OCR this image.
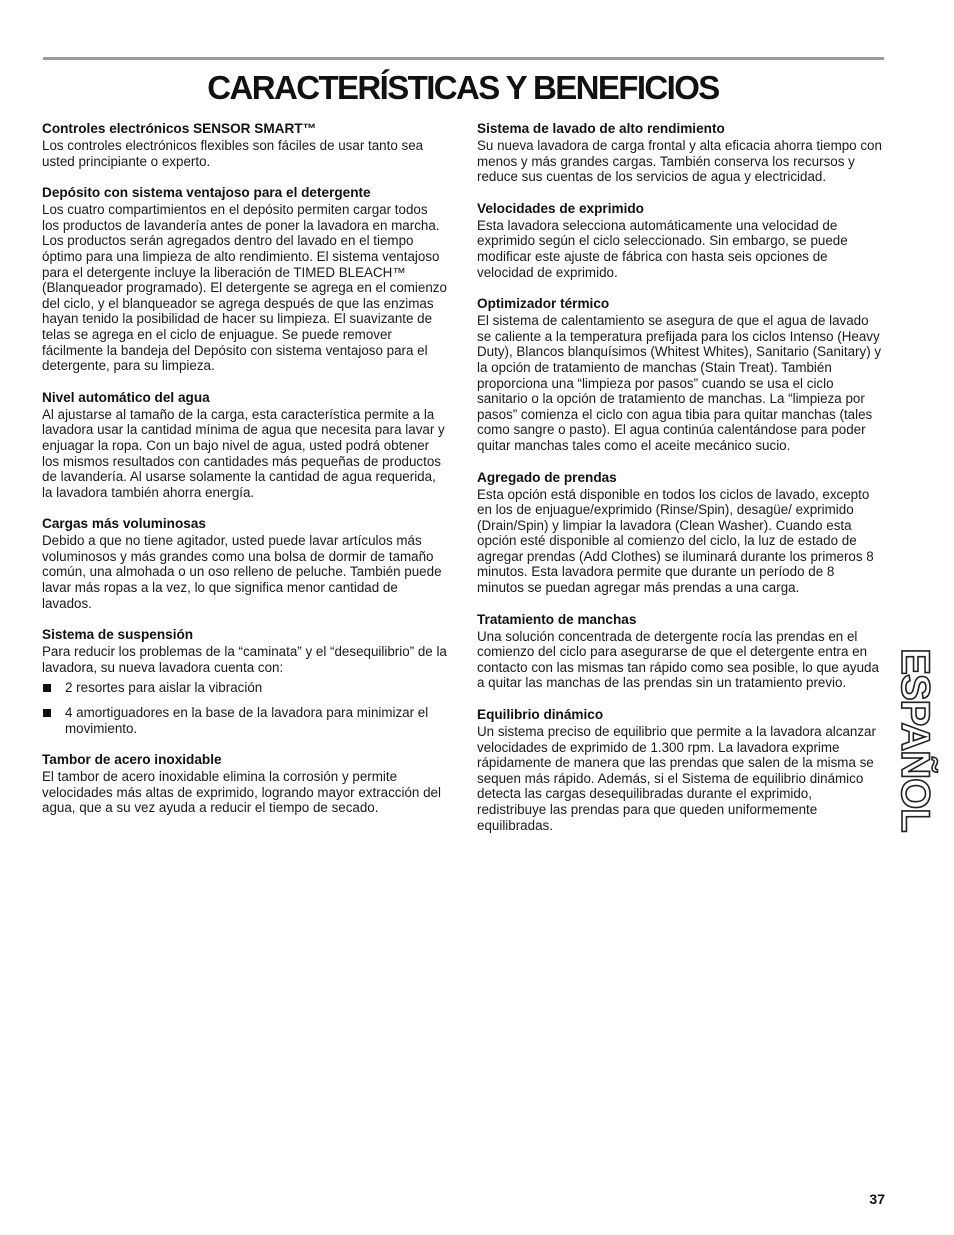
CARACTERÍSTICAS Y BENEFICIOS

Controles electrónicos SENSOR SMART™

Los controles electrónicos flexibles son fáciles de usar tanto sea usted principiante o experto.

Depósito con sistema ventajoso para el detergente

Los cuatro compartimientos en el depósito permiten cargar todos los productos de lavandería antes de poner la lavadora en marcha. Los productos serán agregados dentro del lavado en el tiempo óptimo para una limpieza de alto rendimiento. El sistema ventajoso para el detergente incluye la liberación de TIMED BLEACH™ (Blanqueador programado). El detergente se agrega en el comienzo del ciclo, y el blanqueador se agrega después de que las enzimas hayan tenido la posibilidad de hacer su limpieza. El suavizante de telas se agrega en el ciclo de enjuague. Se puede remover fácilmente la bandeja del Depósito con sistema ventajoso para el detergente, para su limpieza.

Nivel automático del agua

Al ajustarse al tamaño de la carga, esta característica permite a la lavadora usar la cantidad mínima de agua que necesita para lavar y enjuagar la ropa. Con un bajo nivel de agua, usted podrá obtener los mismos resultados con cantidades más pequeñas de productos de lavandería. Al usarse solamente la cantidad de agua requerida, la lavadora también ahorra energía.

Cargas más voluminosas

Debido a que no tiene agitador, usted puede lavar artículos más voluminosos y más grandes como una bolsa de dormir de tamaño común, una almohada o un oso relleno de peluche. También puede lavar más ropas a la vez, lo que significa menor cantidad de lavados.

Sistema de suspensión

Para reducir los problemas de la “caminata” y el “desequilibrio” de la lavadora, su nueva lavadora cuenta con:

2 resortes para aislar la vibración
4 amortiguadores en la base de la lavadora para minimizar el movimiento.

Tambor de acero inoxidable

El tambor de acero inoxidable elimina la corrosión y permite velocidades más altas de exprimido, logrando mayor extracción del agua, que a su vez ayuda a reducir el tiempo de secado.

Sistema de lavado de alto rendimiento

Su nueva lavadora de carga frontal y alta eficacia ahorra tiempo con menos y más grandes cargas. También conserva los recursos y reduce sus cuentas de los servicios de agua y electricidad.

Velocidades de exprimido

Esta lavadora selecciona automáticamente una velocidad de exprimido según el ciclo seleccionado. Sin embargo, se puede modificar este ajuste de fábrica con hasta seis opciones de velocidad de exprimido.

Optimizador térmico

El sistema de calentamiento se asegura de que el agua de lavado se caliente a la temperatura prefijada para los ciclos Intenso (Heavy Duty), Blancos blanquísimos (Whitest Whites), Sanitario (Sanitary) y la opción de tratamiento de manchas (Stain Treat). También proporciona una “limpieza por pasos” cuando se usa el ciclo sanitario o la opción de tratamiento de manchas. La “limpieza por pasos” comienza el ciclo con agua tibia para quitar manchas (tales como sangre o pasto). El agua continúa calentándose para poder quitar manchas tales como el aceite mecánico sucio.

Agregado de prendas

Esta opción está disponible en todos los ciclos de lavado, excepto en los de enjuague/exprimido (Rinse/Spin), desagüe/ exprimido (Drain/Spin) y limpiar la lavadora (Clean Washer). Cuando esta opción esté disponible al comienzo del ciclo, la luz de estado de agregar prendas (Add Clothes) se iluminará durante los primeros 8 minutos. Esta lavadora permite que durante un período de 8 minutos se puedan agregar más prendas a una carga.

Tratamiento de manchas

Una solución concentrada de detergente rocía las prendas en el comienzo del ciclo para asegurarse de que el detergente entra en contacto con las mismas tan rápido como sea posible, lo que ayuda a quitar las manchas de las prendas sin un tratamiento previo.

Equilibrio dinámico

Un sistema preciso de equilibrio que permite a la lavadora alcanzar velocidades de exprimido de 1.300 rpm. La lavadora exprime rápidamente de manera que las prendas que salen de la misma se sequen más rápido. Además, si el Sistema de equilibrio dinámico detecta las cargas desequilibradas durante el exprimido, redistribuye las prendas para que queden uniformemente equilibradas.	ESPAÑOL
37
